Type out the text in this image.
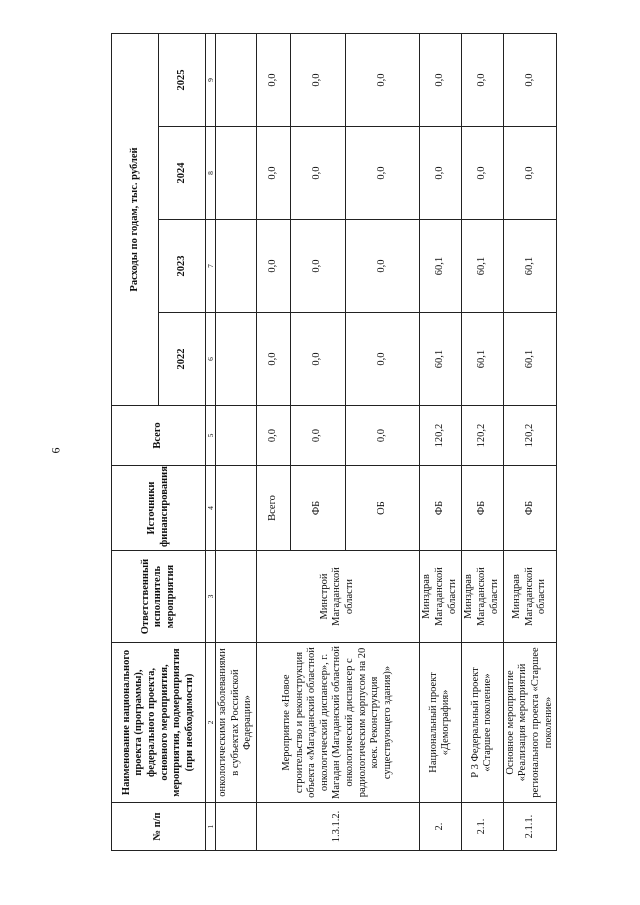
6
№ п/п	Наименование национального проекта (программы), федерального проекта, основного мероприятия, мероприятия, подмероприятия (при необходимости)	Ответственный исполнитель мероприятия	Источники финансирования	Всего	Расходы по годам, тыс. рублей			
					2022	2023	2024	2025
1	2	3	4	5	6	7	8	9
	онкологическими заболеваниями в субъектах Российской Федерации»							
1.3.1.2.	Мероприятие «Новое строительство и реконструкция объекта «Магаданский областной онкологический диспансер», г. Магадан (Магаданский областной онкологический диспансер с радиологическим корпусом на 20 коек. Реконструкция существующего здания)»	Минстрой Магаданской области	Всего	0,0	0,0	0,0	0,0	0,0
			ФБ	0,0	0,0	0,0	0,0	0,0
			ОБ	0,0	0,0	0,0	0,0	0,0
2.	Национальный проект «Демография»	Минздрав Магаданской области	ФБ	120,2	60,1	60,1	0,0	0,0
2.1.	Р 3 Федеральный проект «Старшее поколение»	Минздрав Магаданской области	ФБ	120,2	60,1	60,1	0,0	0,0
2.1.1.	Основное мероприятие «Реализация мероприятий регионального проекта «Старшее поколение»	Минздрав Магаданской области	ФБ	120,2	60,1	60,1	0,0	0,0
